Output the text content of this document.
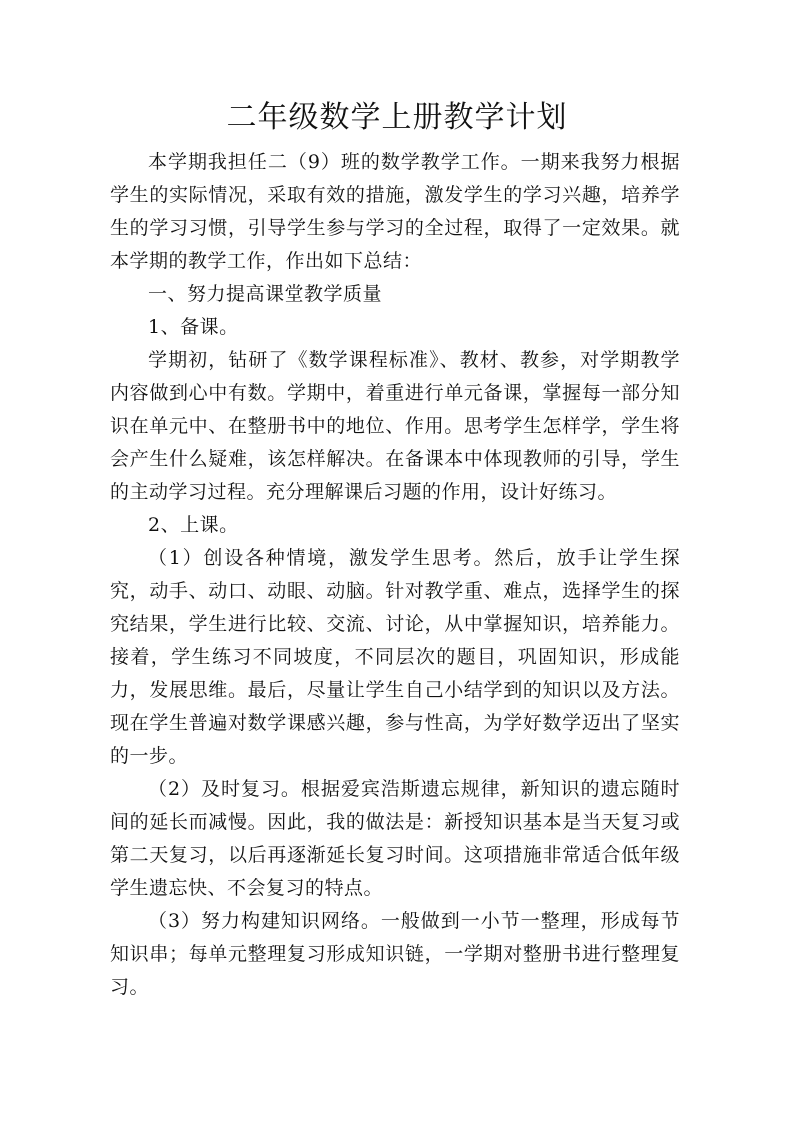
二年级数学上册教学计划

本学期我担任二（9）班的数学教学工作。一期来我努力根据学生的实际情况，采取有效的措施，激发学生的学习兴趣，培养学生的学习习惯，引导学生参与学习的全过程，取得了一定效果。就本学期的教学工作，作出如下总结：

一、努力提高课堂教学质量

1、备课。

学期初，钻研了《数学课程标准》、教材、教参，对学期教学内容做到心中有数。学期中，着重进行单元备课，掌握每一部分知识在单元中、在整册书中的地位、作用。思考学生怎样学，学生将会产生什么疑难，该怎样解决。在备课本中体现教师的引导，学生的主动学习过程。充分理解课后习题的作用，设计好练习。

2、上课。

（1）创设各种情境，激发学生思考。然后，放手让学生探究，动手、动口、动眼、动脑。针对教学重、难点，选择学生的探究结果，学生进行比较、交流、讨论，从中掌握知识，培养能力。接着，学生练习不同坡度，不同层次的题目，巩固知识，形成能力，发展思维。最后，尽量让学生自己小结学到的知识以及方法。现在学生普遍对数学课感兴趣，参与性高，为学好数学迈出了坚实的一步。

（2）及时复习。根据爱宾浩斯遗忘规律，新知识的遗忘随时间的延长而减慢。因此，我的做法是：新授知识基本是当天复习或第二天复习，以后再逐渐延长复习时间。这项措施非常适合低年级学生遗忘快、不会复习的特点。

（3）努力构建知识网络。一般做到一小节一整理，形成每节知识串；每单元整理复习形成知识链，一学期对整册书进行整理复习。
